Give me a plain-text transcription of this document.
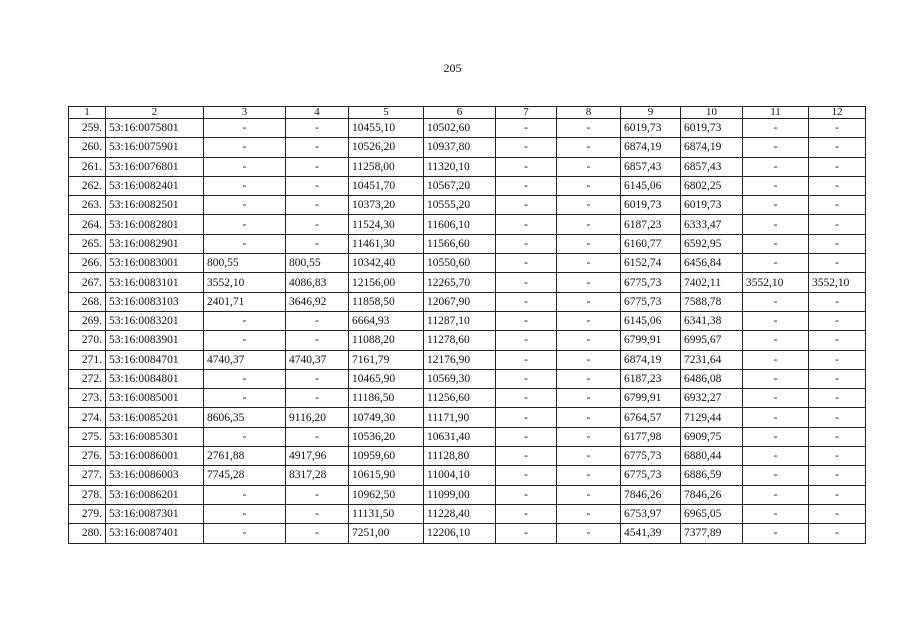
205
1	2	3	4	5	6	7	8	9	10	11	12
259.	53:16:0075801	-	-	10455,10	10502,60	-	-	6019,73	6019,73	-	-
260.	53:16:0075901	-	-	10526,20	10937,80	-	-	6874,19	6874,19	-	-
261.	53:16:0076801	-	-	11258,00	11320,10	-	-	6857,43	6857,43	-	-
262.	53:16:0082401	-	-	10451,70	10567,20	-	-	6145,06	6802,25	-	-
263.	53:16:0082501	-	-	10373,20	10555,20	-	-	6019,73	6019,73	-	-
264.	53:16:0082801	-	-	11524,30	11606,10	-	-	6187,23	6333,47	-	-
265.	53:16:0082901	-	-	11461,30	11566,60	-	-	6160,77	6592,95	-	-
266.	53:16:0083001	800,55	800,55	10342,40	10550,60	-	-	6152,74	6456,84	-	-
267.	53:16:0083101	3552,10	4086,83	12156,00	12265,70	-	-	6775,73	7402,11	3552,10	3552,10
268.	53:16:0083103	2401,71	3646,92	11858,50	12067,90	-	-	6775,73	7588,78	-	-
269.	53:16:0083201	-	-	6664,93	11287,10	-	-	6145,06	6341,38	-	-
270.	53:16:0083901	-	-	11088,20	11278,60	-	-	6799,91	6995,67	-	-
271.	53:16:0084701	4740,37	4740,37	7161,79	12176,90	-	-	6874,19	7231,64	-	-
272.	53:16:0084801	-	-	10465,90	10569,30	-	-	6187,23	6486,08	-	-
273.	53:16:0085001	-	-	11186,50	11256,60	-	-	6799,91	6932,27	-	-
274.	53:16:0085201	8606,35	9116,20	10749,30	11171,90	-	-	6764,57	7129,44	-	-
275.	53:16:0085301	-	-	10536,20	10631,40	-	-	6177,98	6909,75	-	-
276.	53:16:0086001	2761,88	4917,96	10959,60	11128,80	-	-	6775,73	6880,44	-	-
277.	53:16:0086003	7745,28	8317,28	10615,90	11004,10	-	-	6775,73	6886,59	-	-
278.	53:16:0086201	-	-	10962,50	11099,00	-	-	7846,26	7846,26	-	-
279.	53:16:0087301	-	-	11131,50	11228,40	-	-	6753,97	6965,05	-	-
280.	53:16:0087401	-	-	7251,00	12206,10	-	-	4541,39	7377,89	-	-
